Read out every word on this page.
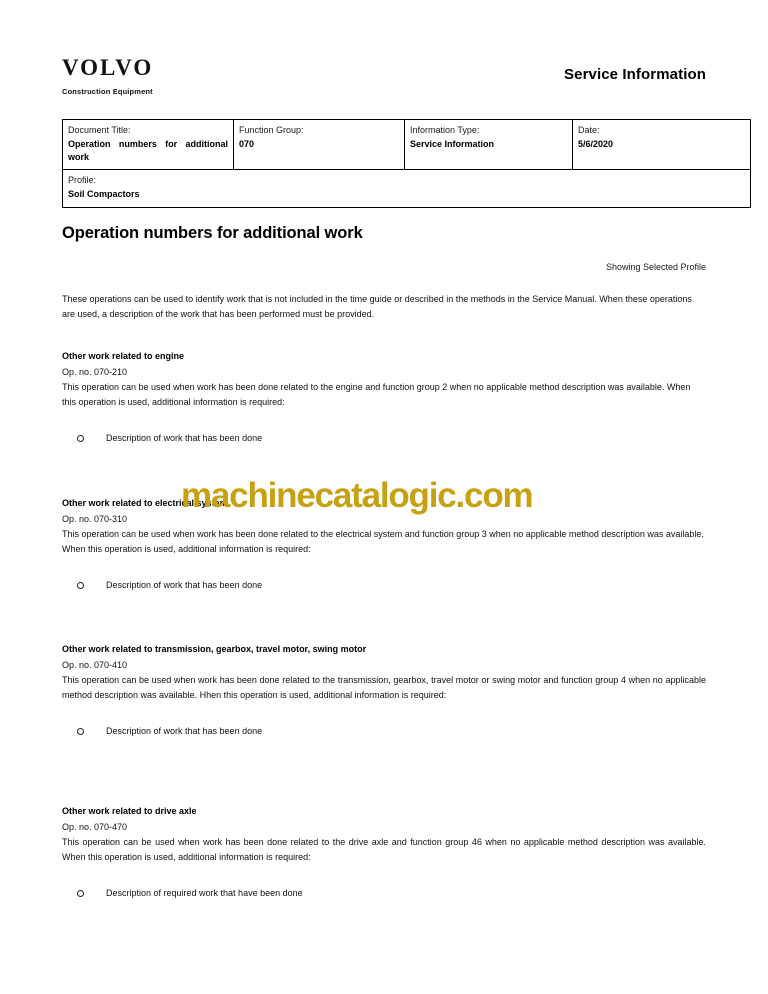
VOLVO
Construction Equipment
Service Information
Document Title:
Operation numbers for additional work

Function Group:
070

Information Type:
Service Information

Date:
5/6/2020

Profile:
Soil Compactors
Operation numbers for additional work
Showing Selected Profile
These operations can be used to identify work that is not included in the time guide or described in the methods in the Service Manual. When these operations are used, a description of the work that has been performed must be provided.
Other work related to engine
Op. no. 070-210
This operation can be used when work has been done related to the engine and function group 2 when no applicable method description was available. When this operation is used, additional information is required:
Description of work that has been done
Other work related to electrical system
Op. no. 070-310
This operation can be used when work has been done related to the electrical system and function group 3 when no applicable method description was available. When this operation is used, additional information is required:
Description of work that has been done
Other work related to transmission, gearbox, travel motor, swing motor
Op. no. 070-410
This operation can be used when work has been done related to the transmission, gearbox, travel motor or swing motor and function group 4 when no applicable method description was available. Hhen this operation is used, additional information is required:
Description of work that has been done
Other work related to drive axle
Op. no. 070-470
This operation can be used when work has been done related to the drive axle and function group 46 when no applicable method description was available. When this operation is used, additional information is required:
Description of required work that have been done
machinecatalogic.com
